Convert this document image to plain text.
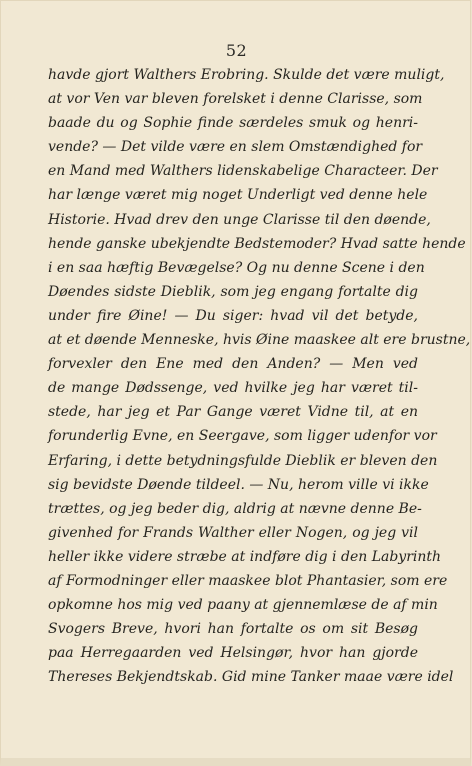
52
havde gjort Walthers Erobring. Skulde det være muligt,
at vor Ven var bleven forelsket i denne Clarisse, som
baade du og Sophie finde særdeles smuk og henri-
vende? — Det vilde være en slem Omstændighed for
en Mand med Walthers lidenskabelige Characteer. Der
har længe været mig noget Underligt ved denne hele
Historie. Hvad drev den unge Clarisse til den døende,
hende ganske ubekjendte Bedstemoder? Hvad satte hende
i en saa hæftig Bevægelse? Og nu denne Scene i den
Døendes sidste Dieblik, som jeg engang fortalte dig
under fire Øine! — Du siger: hvad vil det betyde,
at et døende Menneske, hvis Øine maaskee alt ere brustne,
forvexler den Ene med den Anden? — Men ved
de mange Dødssenge, ved hvilke jeg har været til-
stede, har jeg et Par Gange været Vidne til, at en
forunderlig Evne, en Seergave, som ligger udenfor vor
Erfaring, i dette betydningsfulde Dieblik er bleven den
sig bevidste Døende tildeel. — Nu, herom ville vi ikke
trættes, og jeg beder dig, aldrig at nævne denne Be-
givenhed for Frands Walther eller Nogen, og jeg vil
heller ikke videre stræbe at indføre dig i den Labyrinth
af Formodninger eller maaskee blot Phantasier, som ere
opkomne hos mig ved paany at gjennemlæse de af min
Svogers Breve, hvori han fortalte os om sit Besøg
paa Herregaarden ved Helsingør, hvor han gjorde
Thereses Bekjendtskab. Gid mine Tanker maae være idel
